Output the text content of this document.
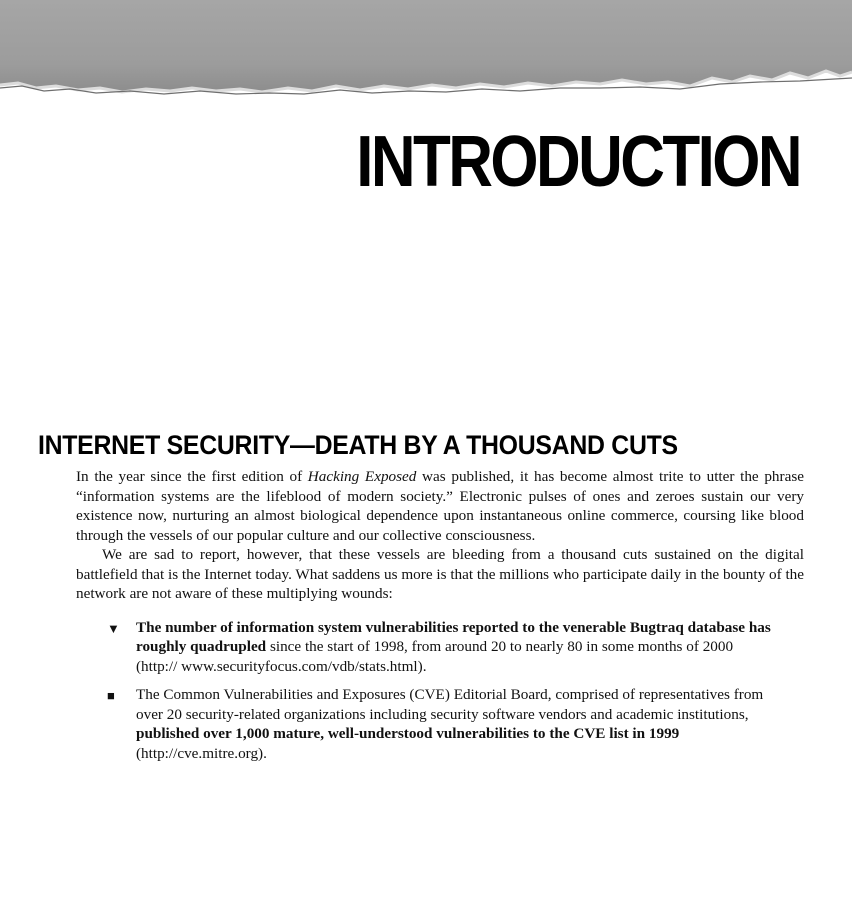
INTRODUCTION
INTERNET SECURITY—DEATH BY A THOUSAND CUTS

In the year since the first edition of Hacking Exposed was published, it has become almost trite to utter the phrase “information systems are the lifeblood of modern society.” Electronic pulses of ones and zeroes sustain our very existence now, nurturing an almost biological dependence upon instantaneous online commerce, coursing like blood through the vessels of our popular culture and our collective consciousness.

We are sad to report, however, that these vessels are bleeding from a thousand cuts sustained on the digital battlefield that is the Internet today. What saddens us more is that the millions who participate daily in the bounty of the network are not aware of these multiplying wounds:

▼ The number of information system vulnerabilities reported to the venerable Bugtraq database has roughly quadrupled since the start of 1998, from around 20 to nearly 80 in some months of 2000 (http:// www.securityfocus.com/vdb/stats.html).
■ The Common Vulnerabilities and Exposures (CVE) Editorial Board, comprised of representatives from over 20 security-related organizations including security software vendors and academic institutions, published over 1,000 mature, well-understood vulnerabilities to the CVE list in 1999 (http://cve.mitre.org).
